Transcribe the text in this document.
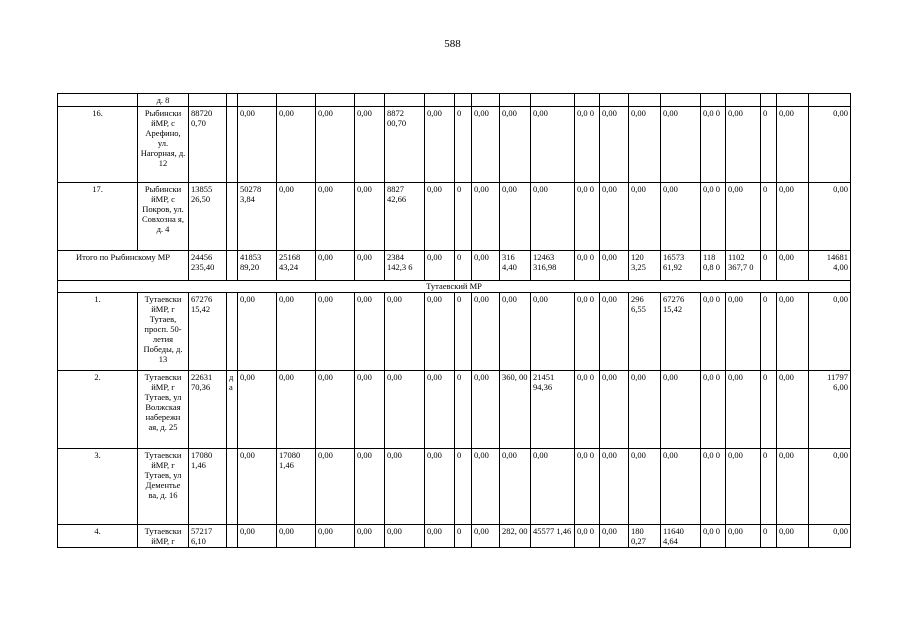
588
	д. 8																								
16.	Рыбински йМР, с Арефино, ул. Нагорная, д. 12	88720 0,70		0,00	0,00	0,00	0,00	8872 00,70	0,00	0	0,00	0,00	0,00	0,0 0	0,00	0,00	0,00	0,0 0	0,00	0	0,00	0,00	
17.	Рыбински йМР, с Покров, ул. Совхозна я, д. 4	13855 26,50		50278 3,84	0,00	0,00	0,00	8827 42,66	0,00	0	0,00	0,00	0,00	0,0 0	0,00	0,00	0,00	0,0 0	0,00	0	0,00	0,00	
Итого по Рыбинскому МР		24456 235,40		41853 89,20	25168 43,24	0,00	0,00	2384 142,3 6	0,00	0	0,00	316 4,40	12463 316,98	0,0 0	0,00	120 3,25	16573 61,92	118 0,8 0	1102 367,7 0	0	0,00	14681 4,00	
Тутаевский МР																							
1.	Тутаевски йМР, г Тутаев, просп. 50-летия Победы, д. 13	67276 15,42		0,00	0,00	0,00	0,00	0,00	0,00	0	0,00	0,00	0,00	0,0 0	0,00	296 6,55	67276 15,42	0,0 0	0,00	0	0,00	0,00	
2.	Тутаевски йМР, г Тутаев, ул Волжская набережн ая, д. 25	22631 70,36	д а	0,00	0,00	0,00	0,00	0,00	0,00	0	0,00	360, 00	21451 94,36	0,0 0	0,00	0,00	0,00	0,0 0	0,00	0	0,00	11797 6,00	
3.	Тутаевски йМР, г Тутаев, ул Дементье ва, д. 16	17080 1,46		0,00	17080 1,46	0,00	0,00	0,00	0,00	0	0,00	0,00	0,00	0,0 0	0,00	0,00	0,00	0,0 0	0,00	0	0,00	0,00	
4.	Тутаевски йМР, г	57217 6,10		0,00	0,00	0,00	0,00	0,00	0,00	0	0,00	282, 00	45577 1,46	0,0 0	0,00	180 0,27	11640 4,64	0,0 0	0,00	0	0,00	0,00	
